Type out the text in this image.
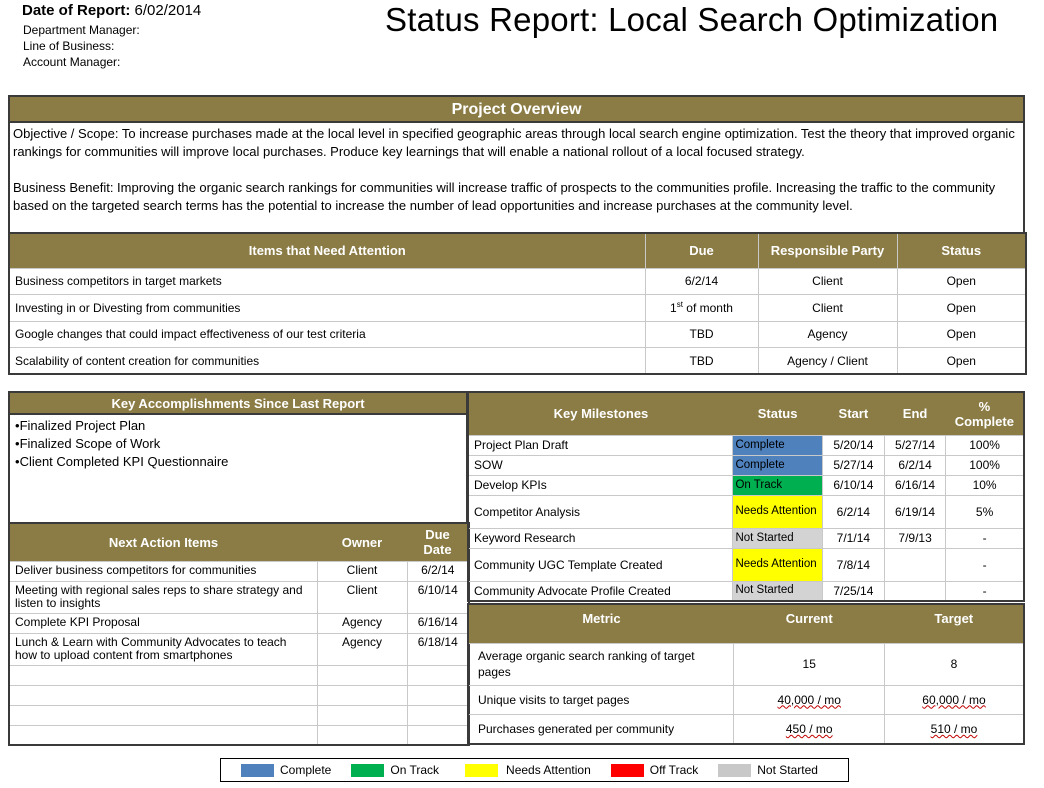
Date of Report: 6/02/2014
Department Manager:
Line of Business:
Account Manager:
Status Report: Local Search Optimization
Project Overview

Objective / Scope: To increase purchases made at the local level in specified geographic areas through local search engine optimization. Test the theory that improved organic rankings for communities will improve local purchases. Produce key learnings that will enable a national rollout of a local focused strategy.

Business Benefit: Improving the organic search rankings for communities will increase traffic of prospects to the communities profile. Increasing the traffic to the community based on the targeted search terms has the potential to increase the number of lead opportunities and increase purchases at the community level.

Items that Need Attention	Due	Responsible Party	Status
Business competitors in target markets	6/2/14	Client	Open
Investing in or Divesting from communities	1st of month	Client	Open
Google changes that could impact effectiveness of our test criteria	TBD	Agency	Open
Scalability of content creation for communities	TBD	Agency / Client	Open
Key Accomplishments Since Last Report
• Finalized Project Plan
• Finalized Scope of Work
• Client Completed KPI Questionnaire
Next Action Items	Owner	Due Date
Deliver business competitors for communities	Client	6/2/14
Meeting with regional sales reps to share strategy and listen to insights	Client	6/10/14
Complete KPI Proposal	Agency	6/16/14
Lunch & Learn with Community Advocates to teach how to upload content from smartphones	Agency	6/18/14

Key Milestones	Status	Start	End	% Complete
Project Plan Draft	Complete	5/20/14	5/27/14	100%
SOW	Complete	5/27/14	6/2/14	100%
Develop KPIs	On Track	6/10/14	6/16/14	10%
Competitor Analysis	Needs Attention	6/2/14	6/19/14	5%
Keyword Research	Not Started	7/1/14	7/9/13	-
Community UGC Template Created	Needs Attention	7/8/14		-
Community Advocate Profile Created	Not Started	7/25/14		-
Metric	Current	Target
Average organic search ranking of target pages	15	8
Unique visits to target pages	40,000 / mo	60,000 / mo
Purchases generated per community	450 / mo	510 / mo
Complete	On Track	Needs Attention	Off Track	Not Started
